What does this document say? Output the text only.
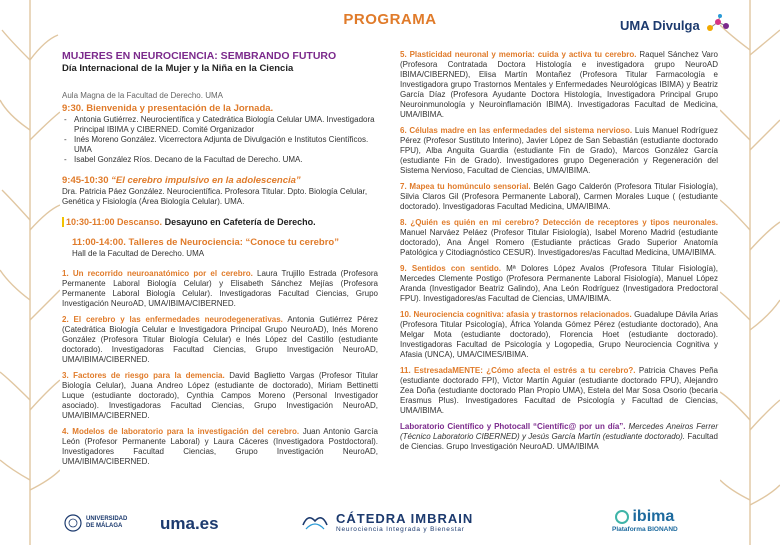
PROGRAMA	UMA Divulga
MUJERES EN NEUROCIENCIA: SEMBRANDO FUTURO
Día Internacional de la Mujer y la Niña en la Ciencia
Aula Magna de la Facultad de Derecho. UMA
9:30. Bienvenida y presentación de la Jornada.
- Antonia Gutiérrez. Neurocientífica y Catedrática Biología Celular UMA. Investigadora Principal IBIMA y CIBERNED. Comité Organizador
- Inés Moreno González. Vicerrectora Adjunta de Divulgación e Institutos Científicos. UMA
- Isabel González Ríos. Decano de la Facultad de Derecho. UMA.
9:45-10:30 “El cerebro impulsivo en la adolescencia”
Dra. Patricia Páez González. Neurocientífica. Profesora Titular. Dpto. Biología Celular, Genética y Fisiología (Área Biología Celular). UMA.
10:30-11:00 Descanso. Desayuno en Cafetería de Derecho.
11:00-14:00. Talleres de Neurociencia: “Conoce tu cerebro”
Hall de la Facultad de Derecho. UMA
1. Un recorrido neuroanatómico por el cerebro. Laura Trujillo Estrada (Profesora Permanente Laboral Biología Celular) y Elisabeth Sánchez Mejías (Profesora Permanente Laboral Biología Celular). Investigadoras Facultad Ciencias, Grupo Investigación NeuroAD, UMA/IBIMA/CIBERNED.
2. El cerebro y las enfermedades neurodegenerativas. Antonia Gutiérrez Pérez (Catedrática Biología Celular e Investigadora Principal Grupo NeuroAD), Inés Moreno González (Profesora Titular Biología Celular) e Inés López del Castillo (estudiante doctorado). Investigadoras Facultad Ciencias, Grupo Investigación NeuroAD, UMA/IBIMA/CIBERNED.
3. Factores de riesgo para la demencia. David Baglietto Vargas (Profesor Titular Biología Celular), Juana Andreo López (estudiante de doctorado), Miriam Bettinetti Luque (estudiante doctorado), Cynthia Campos Moreno (Personal Investigador asociado). Investigadoras Facultad Ciencias, Grupo Investigación NeuroAD, UMA/IBIMA/CIBERNED.
4. Modelos de laboratorio para la investigación del cerebro. Juan Antonio García León (Profesor Permanente Laboral) y Laura Cáceres (Investigadora Postdoctoral). Investigadores Facultad Ciencias, Grupo Investigación NeuroAD, UMA/IBIMA/CIBERNED.
5. Plasticidad neuronal y memoria: cuida y activa tu cerebro. Raquel Sánchez Varo (Profesora Contratada Doctora Histología e investigadora grupo NeuroAD IBIMA/CIBERNED), Elisa Martín Montañez (Profesora Titular Farmacología e Investigadora grupo Trastornos Mentales y Enfermedades Neurológicas IBIMA) y Beatriz García Díaz (Profesora Ayudante Doctora Histología, Investigadora Principal Grupo Neuroinmunología y Neuroinflamación IBIMA). Investigadoras Facultad de Medicina, UMA/IBIMA.
6. Células madre en las enfermedades del sistema nervioso. Luis Manuel Rodríguez Pérez (Profesor Sustituto Interino), Javier López de San Sebastián (estudiante doctorado FPU), Alba Anguita Guardia (estudiante Fin de Grado), Marcos González García (estudiante Fin de Grado). Investigadores grupo Degeneración y Regeneración del Sistema Nervioso, Facultad de Ciencias, UMA/IBIMA.
7. Mapea tu homúnculo sensorial. Belén Gago Calderón (Profesora Titular Fisiología), Silvia Claros Gil (Profesora Permanente Laboral), Carmen Morales Luque ( (estudiante doctorado). Investigadoras Facultad Medicina, UMA/IBIMA.
8. ¿Quién es quién en mi cerebro? Detección de receptores y tipos neuronales. Manuel Narváez Peláez (Profesor Titular Fisiología), Isabel Moreno Madrid (estudiante doctorado), Ana Ángel Romero (Estudiante prácticas Grado Superior Anatomía Patológica y Citodiagnóstico CESUR). Investigadores/as Facultad Medicina, UMA/IBIMA.
9. Sentidos con sentido. Mª Dolores López Avalos (Profesora Titular Fisiología), Mercedes Clemente Postigo (Profesora Permanente Laboral Fisiología), Manuel López Aranda (Investigador Beatriz Galindo), Ana León Rodríguez (Investigadora Predoctoral FPU). Investigadores/as Facultad de Ciencias, UMA/IBIMA.
10. Neurociencia cognitiva: afasia y trastornos relacionados. Guadalupe Dávila Arias (Profesora Titular Psicología), África Yolanda Gómez Pérez (estudiante doctorado), Ana Melgar Mota (estudiante doctorado), Florencia Hoet (estudiante doctorado). Investigadoras Facultad de Psicología y Logopedia, Grupo Neurociencia Cognitiva y Afasia (UNCA), UMA/CIMES/IBIMA.
11. EstresadaMENTE: ¿Cómo afecta el estrés a tu cerebro?. Patricia Chaves Peña (estudiante doctorado FPI), Victor Martín Aguiar (estudiante doctorado FPU), Alejandro Zea Doña (estudiante doctorado Plan Propio UMA), Estela del Mar Sosa Osorio (becaria Erasmus Plus). Investigadores Facultad de Psicología y Facultad de Ciencias, UMA/IBIMA.
Laboratorio Científico y Photocall “Científic@ por un día”. Mercedes Aneiros Ferrer (Técnico Laboratorio CIBERNED) y Jesús García Martín (estudiante doctorado). Facultad de Ciencias. Grupo Investigación NeuroAD. UMA/IBIMA
UNIVERSIDAD
DE MÁLAGA uma.es	CÁTEDRA IMBRAIN
Neurociencia Integrada y Bienestar
ibima
Plataforma BIONAND
